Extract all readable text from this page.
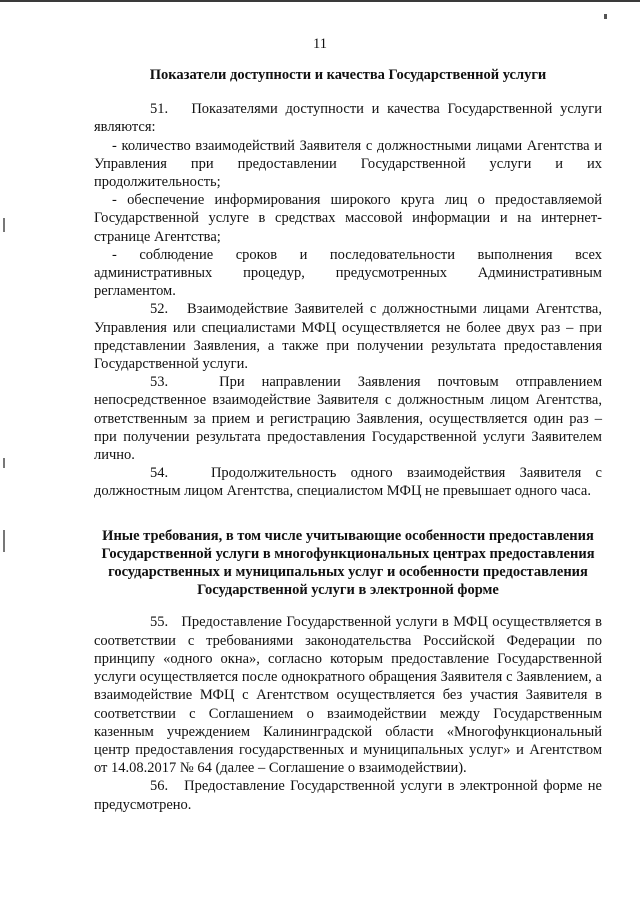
11

Показатели доступности и качества Государственной услуги

51.   Показателями доступности и качества Государственной услуги являются:

- количество взаимодействий Заявителя с должностными лицами Агентства и Управления при предоставлении Государственной услуги и их продолжительность;

- обеспечение информирования широкого круга лиц о предоставляемой Государственной услуге в средствах массовой информации и на интернет-странице Агентства;

- соблюдение сроков и последовательности выполнения всех административных процедур, предусмотренных Административным регламентом.

52.   Взаимодействие Заявителей с должностными лицами Агентства, Управления или специалистами МФЦ осуществляется не более двух раз – при представлении Заявления, а также при получении результата предоставления Государственной услуги.

53.   При направлении Заявления почтовым отправлением непосредственное взаимодействие Заявителя с должностным лицом Агентства, ответственным за прием и регистрацию Заявления, осуществляется один раз – при получении результата предоставления Государственной услуги Заявителем лично.

54.   Продолжительность одного взаимодействия Заявителя с должностным лицом Агентства, специалистом МФЦ не превышает одного часа.

Иные требования, в том числе учитывающие особенности предоставления Государственной услуги в многофункциональных центрах предоставления государственных и муниципальных услуг и особенности предоставления Государственной услуги в электронной форме

55.   Предоставление Государственной услуги в МФЦ осуществляется в соответствии с требованиями законодательства Российской Федерации по принципу «одного окна», согласно которым предоставление Государственной услуги осуществляется после однократного обращения Заявителя с Заявлением, а взаимодействие МФЦ с Агентством осуществляется без участия Заявителя в соответствии с Соглашением о взаимодействии между Государственным казенным учреждением Калининградской области «Многофункциональный центр предоставления государственных и муниципальных услуг» и Агентством от 14.08.2017 № 64 (далее – Соглашение о взаимодействии).

56.   Предоставление Государственной услуги в электронной форме не предусмотрено.
